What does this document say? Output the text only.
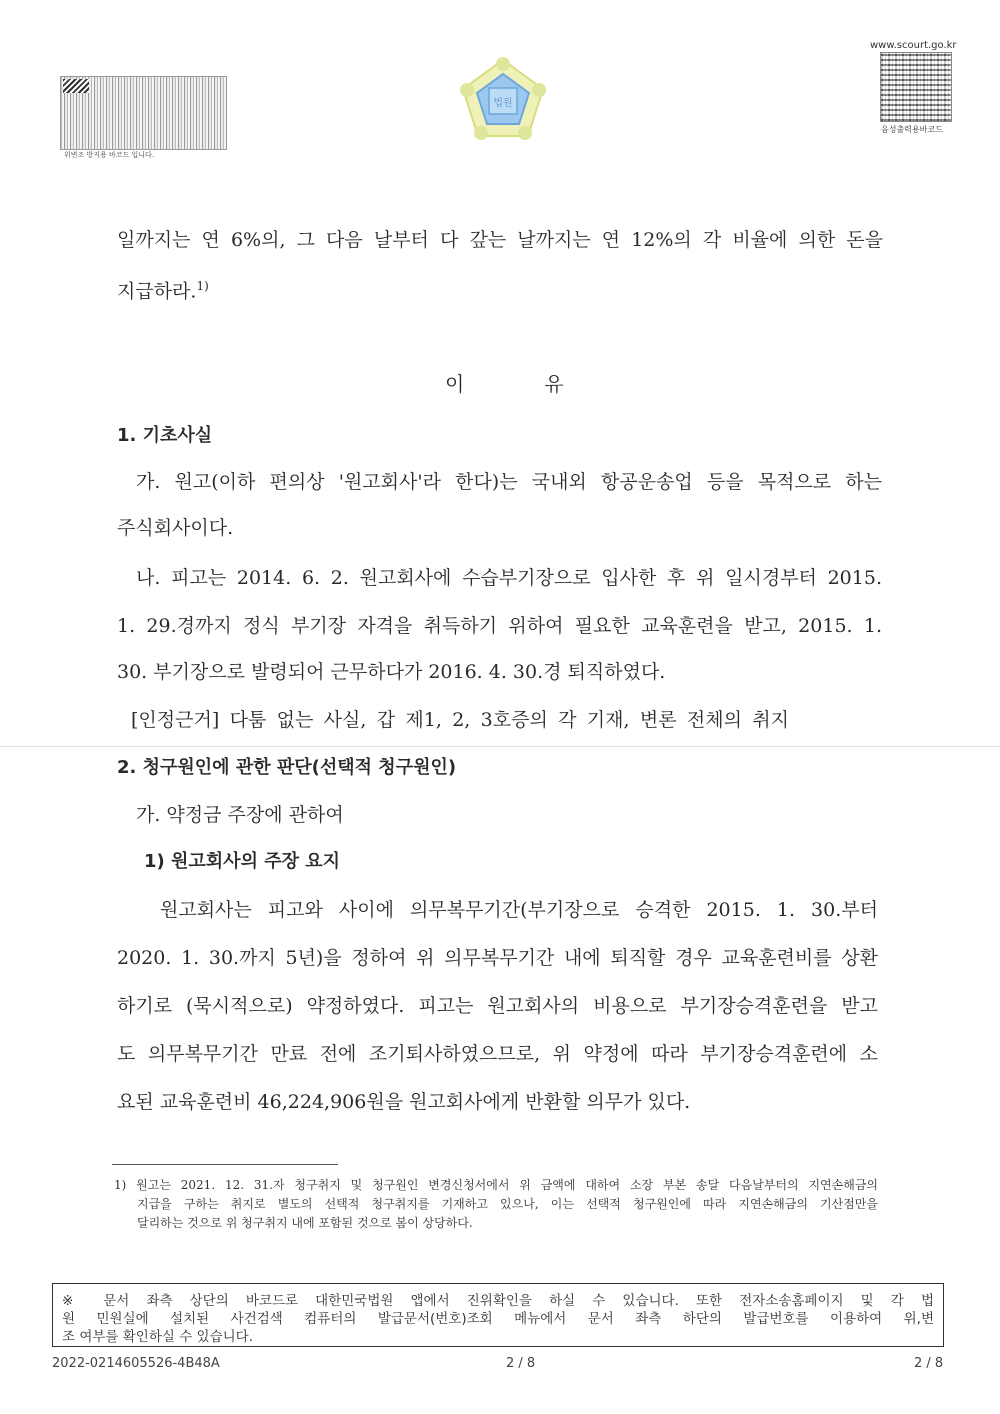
위변조 방지용 바코드 입니다.
법원
www.scourt.go.kr
음성출력용바코드
일까지는 연 6%의, 그 다음 날부터 다 갚는 날까지는 연 12%의 각 비율에 의한 돈을
지급하라.$^{1)}$
이　　　　유
1. 기초사실
가. 원고(이하 편의상 '원고회사'라 한다)는 국내외 항공운송업 등을 목적으로 하는
주식회사이다.
나. 피고는 2014. 6. 2. 원고회사에 수습부기장으로 입사한 후 위 일시경부터 2015.
1. 29.경까지 정식 부기장 자격을 취득하기 위하여 필요한 교육훈련을 받고, 2015. 1.
30. 부기장으로 발령되어 근무하다가 2016. 4. 30.경 퇴직하였다.
[인정근거] 다툼 없는 사실, 갑 제1, 2, 3호증의 각 기재, 변론 전체의 취지
2. 청구원인에 관한 판단(선택적 청구원인)
가. 약정금 주장에 관하여
1) 원고회사의 주장 요지
원고회사는 피고와 사이에 의무복무기간(부기장으로 승격한 2015. 1. 30.부터
2020. 1. 30.까지 5년)을 정하여 위 의무복무기간 내에 퇴직할 경우 교육훈련비를 상환
하기로 (묵시적으로) 약정하였다. 피고는 원고회사의 비용으로 부기장승격훈련을 받고
도 의무복무기간 만료 전에 조기퇴사하였으므로, 위 약정에 따라 부기장승격훈련에 소
요된 교육훈련비 46,224,906원을 원고회사에게 반환할 의무가 있다.
1) 원고는 2021. 12. 31.자 청구취지 및 청구원인 변경신청서에서 위 금액에 대하여 소장 부본 송달 다음날부터의 지연손해금의
지급을 구하는 취지로 별도의 선택적 청구취지를 기재하고 있으나, 이는 선택적 청구원인에 따라 지연손해금의 기산점만을
달리하는 것으로 위 청구취지 내에 포함된 것으로 봄이 상당하다.
※ 문서 좌측 상단의 바코드로 대한민국법원 앱에서 진위확인을 하실 수 있습니다. 또한 전자소송홈페이지 및 각 법
원 민원실에 설치된 사건검색 컴퓨터의 발급문서(번호)조회 메뉴에서 문서 좌측 하단의 발급번호를 이용하여 위,변
조 여부를 확인하실 수 있습니다.
2022-0214605526-4B48A	2 / 8	2 / 8
